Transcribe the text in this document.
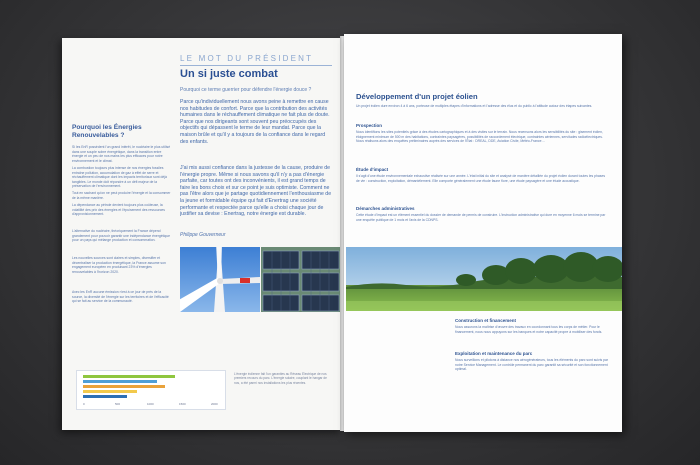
LE MOT DU PRÉSIDENT
Un si juste combat
Pourquoi ce terme guerrier pour défendre l'énergie douce ?
Parce qu'individuellement nous avons peine à remettre en cause nos habitudes de confort. Parce que la contribution des activités humaines dans le réchauffement climatique ne fait plus de doute. Parce que nos dirigeants sont souvent peu préoccupés des objectifs qui dépassent le terme de leur mandat. Parce que la maison brûle et qu'il y a toujours de la confiance dans le regard des enfants.
J'ai mis aussi confiance dans la justesse de la cause, produire de l'énergie propre. Même si nous savons qu'il n'y a pas d'énergie parfaite, car toutes ont des inconvénients, il est grand temps de faire les bons choix et sur ce point je suis optimiste. Comment ne pas l'être alors que je partage quotidiennement l'enthousiasme de la jeune et formidable équipe qui fait d'Enertrag une société performante et respectée parce qu'elle a choisi chaque jour de justifier sa devise : Enertrag, notre énergie est durable.
Philippe Gouverneur
Pourquoi les Énergies Renouvelables ?
Si les EnR possèdent l'un grand intérêt, le nucléaire le plus utilisé dans une souple sobre énergétique, dans la transition entre énergie et un peu de nos mains les plus efficaces pour notre environnement et le climat.
La combustion toujours plus intense de nos énergies fossiles entraîne pollution, accumulation de gaz à effet de serre et réchauffement climatique dont les impacts territoriaux sont déjà tangibles. Le monde doit répondre à un défi majeur de la préservation de l'environnement.
Tout en sachant qu'on ne peut produire l'énergie et la consommer de la même manière.
La dépendance au pétrole devient toujours plus coûteuse, la volatilité des prix des énergies et l'épuisement des ressources d'approvisionnement.
L'alternative du nucléaire, théoriquement la France dépend grandement pour pouvoir garantir une indépendance énergétique pour un pays qui mélange production et consommation.
Les nouvelles sources sont claires et simples, diversifier et décentraliser la production énergétique, la France assume son engagement européen en produisant 23% d'énergies renouvelables à l'horizon 2020.
Avec les EnR aucune émission n'est à ce jour de près de la source, la diversité de l'énergie sur les territoires et de l'efficacité qui se fait au service de la communauté.
0	500	1000	1500	2000
L'énergie éolienne fait l'un garanties au Réseau Électrique de nos premiers recours du parc. L'énergie solaire, couplant le hangar de nos, a été parmi nos installations les plus récentes.
Développement d'un projet éolien
Un projet éolien dure environ 4 à 6 ans, porteuse de multiples étapes d'informations et l'adresse des élus et du public à l'attitude autour des étapes suivantes.
Prospection
Nous identifions les sites potentiels grâce à des études cartographiques et à des visites sur le terrain. Nous recensons alors les sensibilités du site : gisement éolien, éloignement minimum de 500 m des habitations, contraintes paysagères, possibilités de raccordement électrique, contraintes aériennes, servitudes radioélectriques. Nous réalisons alors des enquêtes préliminaires auprès des services de l'État : DREAL, DDE, Aviation Civile, Météo-France…
Étude d'impact
Il s'agit d'une étude environnementale exhaustive réalisée sur une année. L'état initial du site et analysé de manière détaillée du projet éolien durant toutes les phases de vie : construction, exploitation, démantèlement. Elle comporte généralement une étude faune flore, une étude paysagère et une étude acoustique.
Démarches administratives
Cette étude d'impact est un élément essentiel du dossier de demande de permis de construire. L'instruction administrative qui dure en moyenne 6 mois se termine par une enquête publique de 1 mois et l'avis de la CDNPS.
Construction et financement
Nous assurons la maîtrise d'œuvre des travaux en coordonnant tous les corps de métier. Pour le financement, nous nous appuyons sur les banques et notre capacité propre à mobiliser des fonds.
Exploitation et maintenance du parc
Nous surveillons et pilotons à distance nos aérogénérateurs, tous les éléments du parc sont suivis par notre Service Management. Le contrôle permanent du parc garantit sa sécurité et son fonctionnement optimal.
